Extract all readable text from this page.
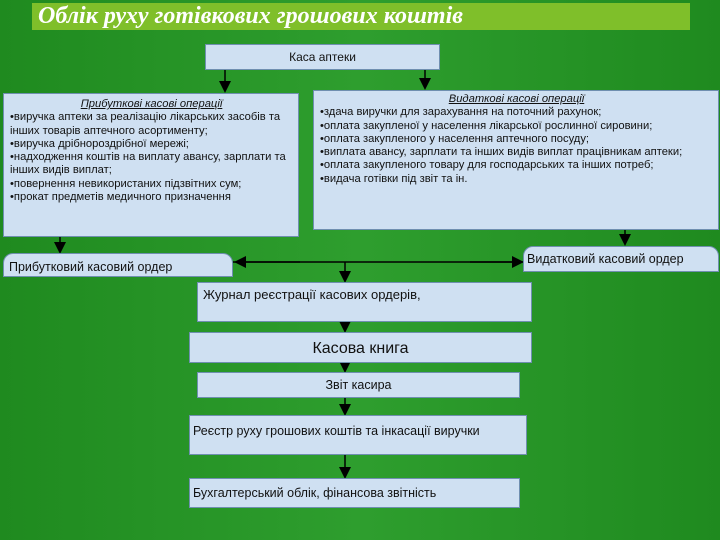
Облік руху готівкових грошових коштів
Каса аптеки
Прибуткові касові операції
• виручка аптеки за реалізацію лікарських засобів та інших товарів аптечного асортименту;
• виручка дрібнороздрібної мережі;
• надходження коштів на виплату авансу, зарплати та інших видів виплат;
• повернення невикористаних підзвітних сум;
• прокат предметів медичного призначення
Видаткові касові операції
• здача виручки для зарахування на поточний рахунок;
• оплата закупленої у населення лікарської рослинної сировини;
• оплата закупленого у населення аптечного посуду;
• виплата авансу, зарплати та інших видів виплат працівникам аптеки;
• оплата закупленого товару для господарських та інших потреб;
• видача готівки під звіт та ін.
Прибутковий касовий ордер
Видатковий касовий ордер
Журнал реєстрації касових ордерів,
Касова книга
Звіт касира
Реєстр руху грошових коштів та інкасації виручки
Бухгалтерський облік, фінансова звітність
